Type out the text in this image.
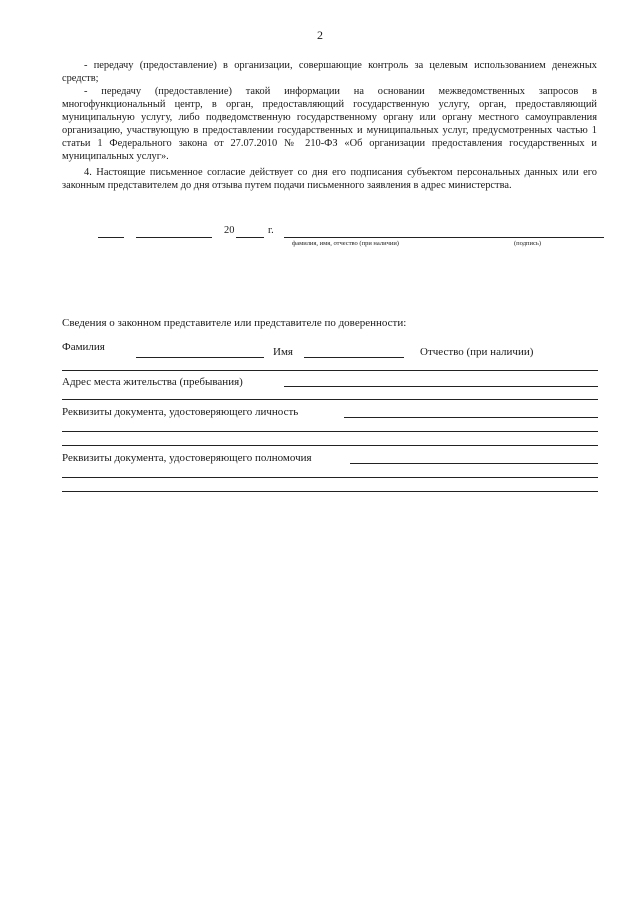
2

- передачу (предоставление) в организации, совершающие контроль за целевым использованием денежных средств;

- передачу (предоставление) такой информации на основании межведомственных запросов в многофункциональный центр, в орган, предоставляющий государственную услугу, орган, предоставляющий муниципальную услугу, либо подведомственную государственному органу или органу местного самоуправления организацию, участвующую в предоставлении государственных и муниципальных услуг, предусмотренных частью 1 статьи 1 Федерального закона от 27.07.2010 № 210-ФЗ «Об организации предоставления государственных и муниципальных услуг».

4. Настоящие письменное согласие действует со дня его подписания субъектом персональных данных или его законным представителем до дня отзыва путем подачи письменного заявления в адрес министерства.

20	г.
фамилия, имя, отчество (при наличии)	(подпись)
Сведения о законном представителе или представителе по доверенности:
Фамилия	Имя	Отчество (при наличии)
Адрес места жительства (пребывания)
Реквизиты документа, удостоверяющего личность
Реквизиты документа, удостоверяющего полномочия
